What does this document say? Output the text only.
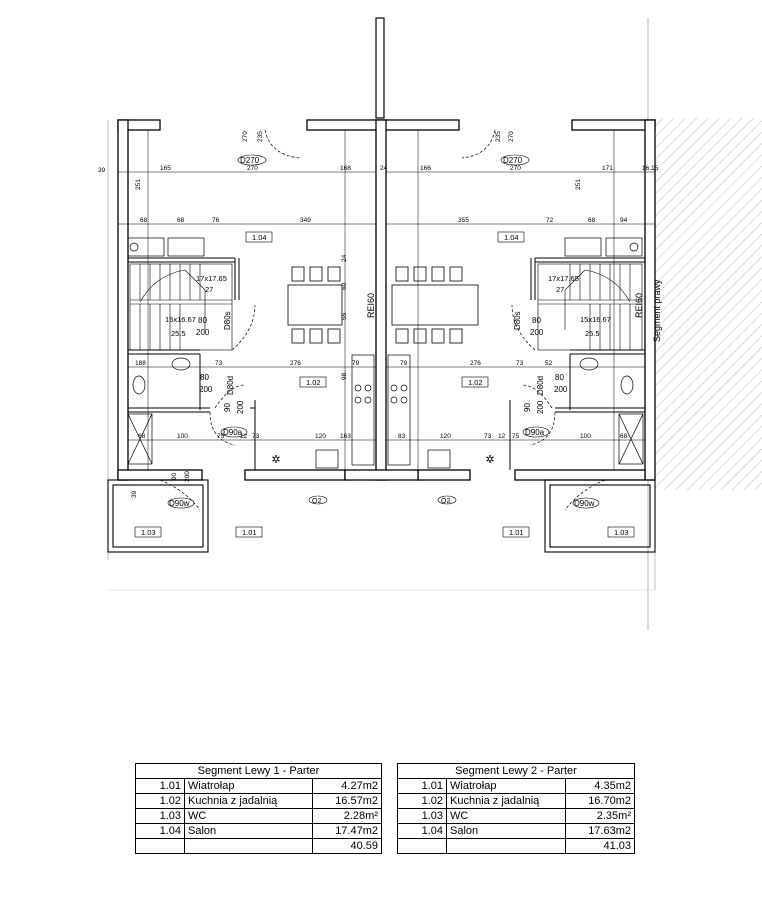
✲	✲
165	270	168	24	166	270	171	16.15
68	68	76	349	355	72	68	94
188	73	276	79	79	276	73	52
68	100	75 12 73	120 163	83	120	73 12 75	100	68
39
251
235
270	270
235
251
39
90 200
98
60
55
24
80
200
80
200
80
200
80
200
90 200	90 200
17x17.65
27
15x16.67
25.5
17x17.65
27
15x16.67
25.5
D270	D270
D80s	D80s
D80d	D80d
D90a	D90a
D90w	D90w
1.04	1.04
1.02	1.02
1.01	1.01
1.03	1.03
O2	O2
REI60	REI60 Segment prawy
Segment Lewy 1 - Parter		
1.01	Wiatrołap	4.27m2
1.02	Kuchnia z jadalnią	16.57m2
1.03	WC	2.28m²
1.04	Salon	17.47m2
		40.59
Segment Lewy 2 - Parter		
1.01	Wiatrołap	4.35m2
1.02	Kuchnia z jadalnią	16.70m2
1.03	WC	2.35m²
1.04	Salon	17.63m2
		41.03
